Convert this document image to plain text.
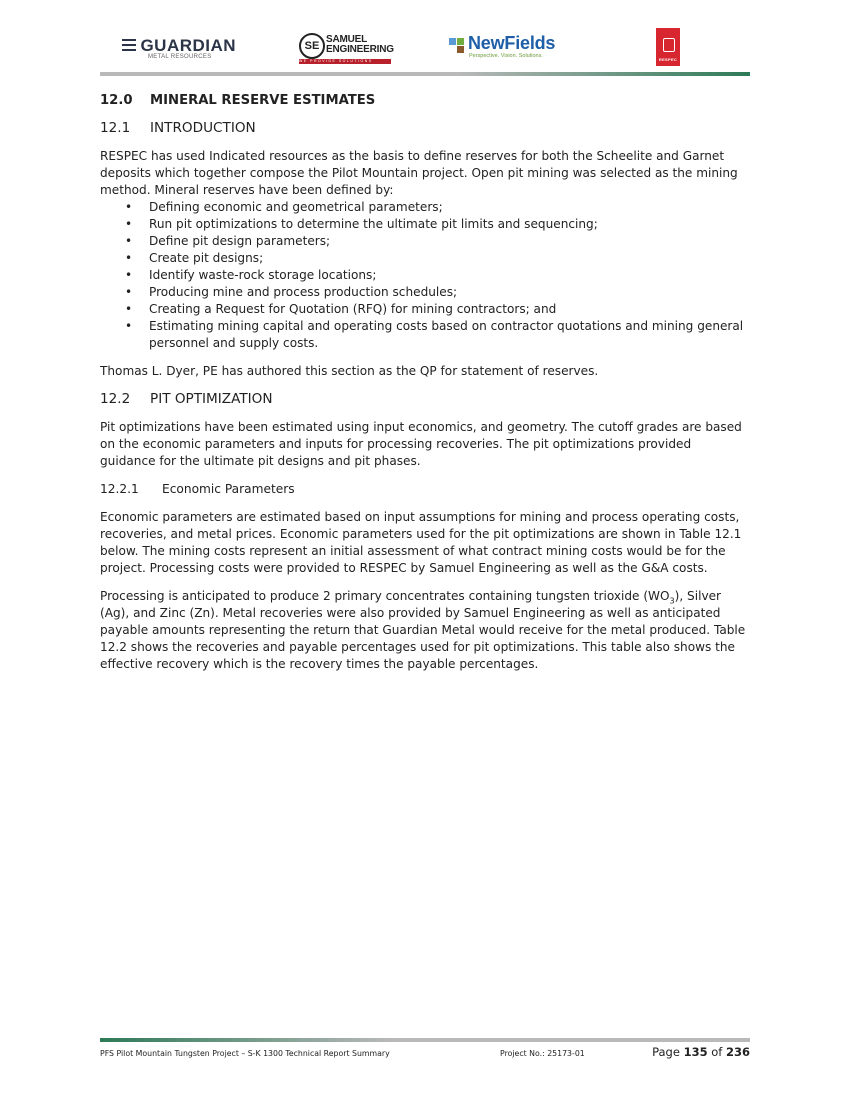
GUARDIAN
METAL RESOURCES
SE
SAMUEL
ENGINEERING
WE PROVIDE SOLUTIONS
NewFields
Perspective. Vision. Solutions.
RESPEC
12.0 MINERAL RESERVE ESTIMATES
12.1 INTRODUCTION

RESPEC has used Indicated resources as the basis to define reserves for both the Scheelite and Garnet deposits which together compose the Pilot Mountain project. Open pit mining was selected as the mining method. Mineral reserves have been defined by:

• Defining economic and geometrical parameters;
• Run pit optimizations to determine the ultimate pit limits and sequencing;
• Define pit design parameters;
• Create pit designs;
• Identify waste-rock storage locations;
• Producing mine and process production schedules;
• Creating a Request for Quotation (RFQ) for mining contractors; and
• Estimating mining capital and operating costs based on contractor quotations and mining general personnel and supply costs.

Thomas L. Dyer, PE has authored this section as the QP for statement of reserves.

12.2 PIT OPTIMIZATION

Pit optimizations have been estimated using input economics, and geometry. The cutoff grades are based on the economic parameters and inputs for processing recoveries. The pit optimizations provided guidance for the ultimate pit designs and pit phases.

12.2.1 Economic Parameters

Economic parameters are estimated based on input assumptions for mining and process operating costs, recoveries, and metal prices. Economic parameters used for the pit optimizations are shown in Table 12.1 below. The mining costs represent an initial assessment of what contract mining costs would be for the project. Processing costs were provided to RESPEC by Samuel Engineering as well as the G&A costs.

Processing is anticipated to produce 2 primary concentrates containing tungsten trioxide $(WO_3)$, Silver (Ag), and Zinc (Zn). Metal recoveries were also provided by Samuel Engineering as well as anticipated payable amounts representing the return that Guardian Metal would receive for the metal produced. Table 12.2 shows the recoveries and payable percentages used for pit optimizations. This table also shows the effective recovery which is the recovery times the payable percentages.

PFS Pilot Mountain Tungsten Project – S-K 1300 Technical Report Summary	Project No.: 25173-01	Page 135 of 236
